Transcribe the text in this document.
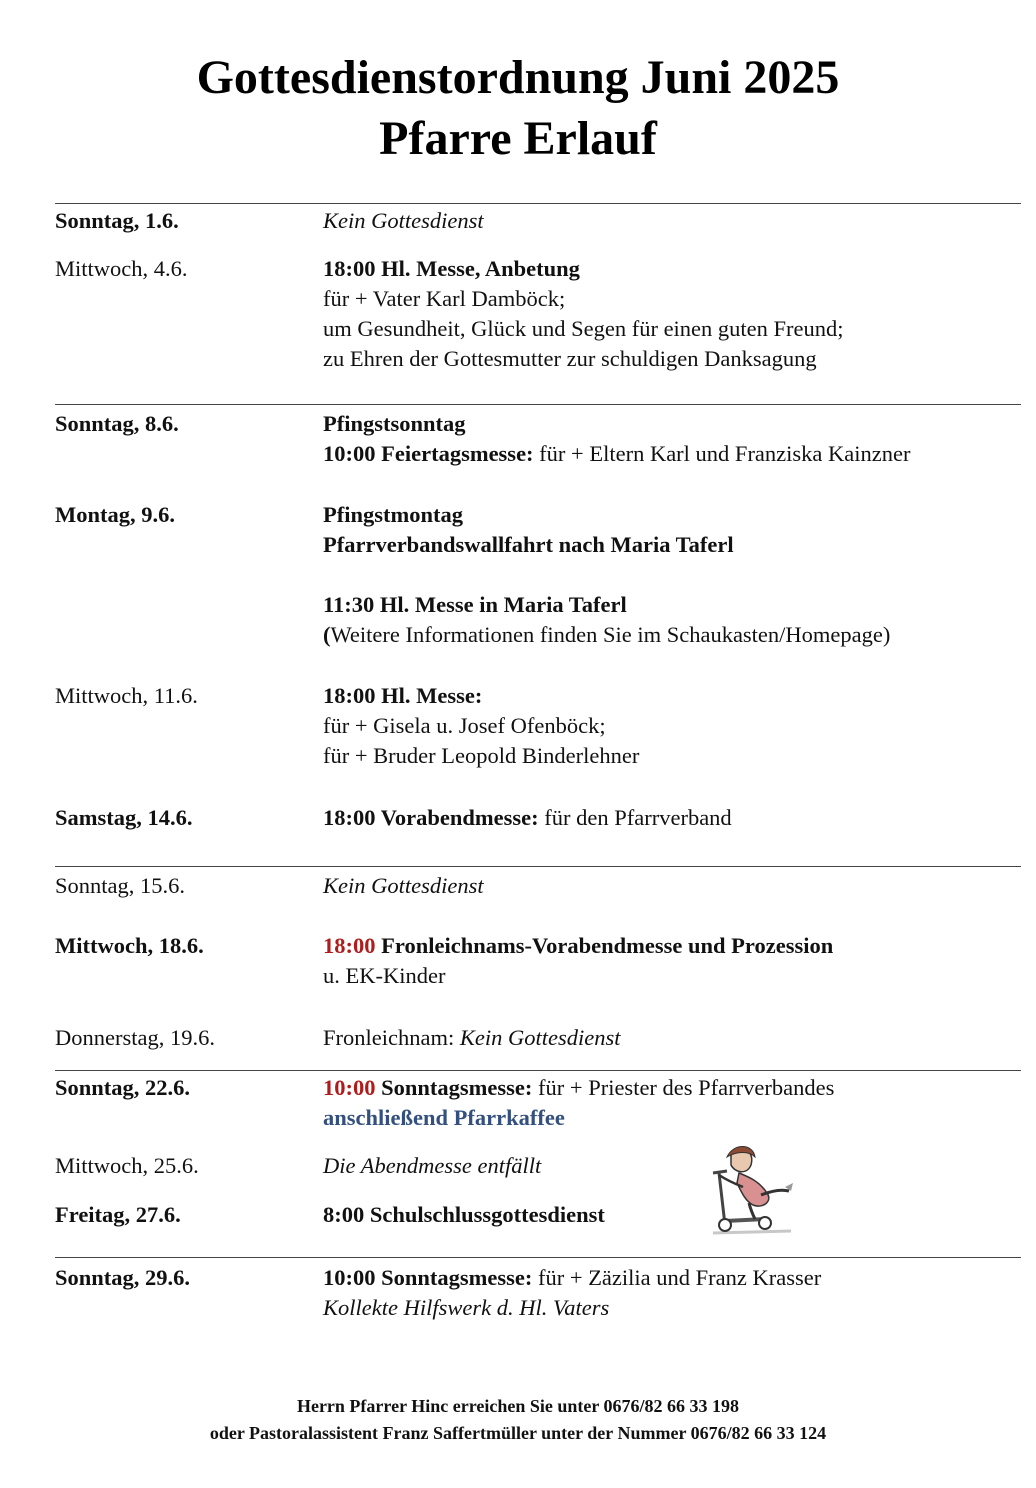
Gottesdienstordnung Juni 2025
Pfarre Erlauf
Sonntag, 1.6.	Kein Gottesdienst
Mittwoch, 4.6.	18:00 Hl. Messe, Anbetung
für + Vater Karl Damböck;
um Gesundheit, Glück und Segen für einen guten Freund;
zu Ehren der Gottesmutter zur schuldigen Danksagung
Sonntag, 8.6.	Pfingstsonntag
10:00 Feiertagsmesse: für + Eltern Karl und Franziska Kainzner
Montag, 9.6.	Pfingstmontag
Pfarrverbandswallfahrt nach Maria Taferl
11:30 Hl. Messe in Maria Taferl
(Weitere Informationen finden Sie im Schaukasten/Homepage)
Mittwoch, 11.6.	18:00 Hl. Messe:
für + Gisela u. Josef Ofenböck;
für + Bruder Leopold Binderlehner
Samstag, 14.6.	18:00 Vorabendmesse: für den Pfarrverband
Sonntag, 15.6.	Kein Gottesdienst
Mittwoch, 18.6.	18:00 Fronleichnams-Vorabendmesse und Prozession
u. EK-Kinder
Donnerstag, 19.6.	Fronleichnam: Kein Gottesdienst
Sonntag, 22.6.	10:00 Sonntagsmesse: für + Priester des Pfarrverbandes
anschließend Pfarrkaffee
Mittwoch, 25.6.	Die Abendmesse entfällt
Freitag, 27.6.	8:00 Schulschlussgottesdienst
Sonntag, 29.6.	10:00 Sonntagsmesse: für + Zäzilia und Franz Krasser
Kollekte Hilfswerk d. Hl. Vaters
Herrn Pfarrer Hinc erreichen Sie unter 0676/82 66 33 198
oder Pastoralassistent Franz Saffertmüller unter der Nummer 0676/82 66 33 124
